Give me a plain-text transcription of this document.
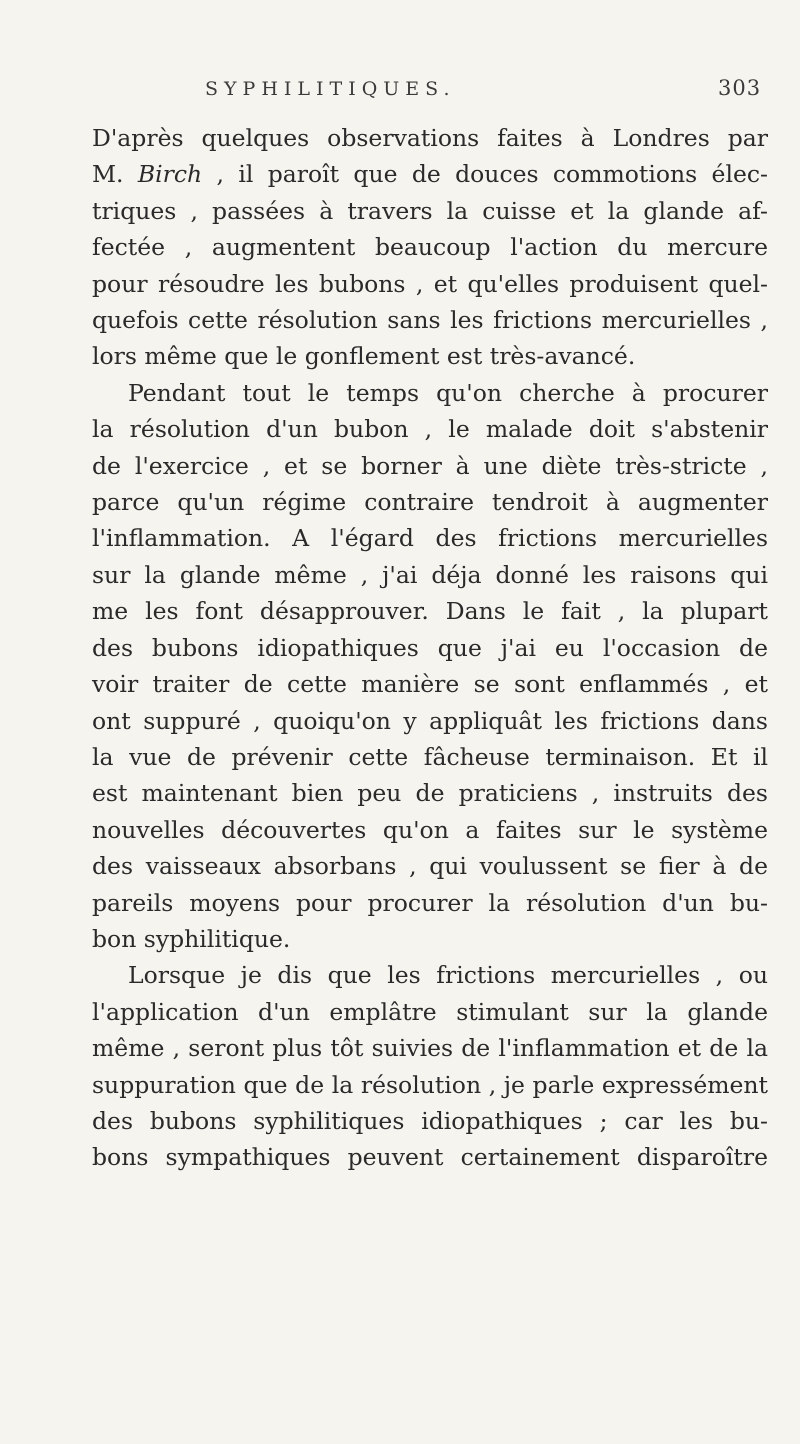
SYPHILITIQUES.	303

D'après quelques observations faites à Londres par
M. Birch , il paroît que de douces commotions élec-
triques , passées à travers la cuisse et la glande af-
fectée , augmentent beaucoup l'action du mercure
pour résoudre les bubons , et qu'elles produisent quel-
quefois cette résolution sans les frictions mercurielles ,
lors même que le gonflement est très-avancé.

Pendant tout le temps qu'on cherche à procurer
la résolution d'un bubon , le malade doit s'abstenir
de l'exercice , et se borner à une diète très-stricte ,
parce qu'un régime contraire tendroit à augmenter
l'inflammation. A l'égard des frictions mercurielles
sur la glande même , j'ai déja donné les raisons qui
me les font désapprouver. Dans le fait , la plupart
des bubons idiopathiques que j'ai eu l'occasion de
voir traiter de cette manière se sont enflammés , et
ont suppuré , quoiqu'on y appliquât les frictions dans
la vue de prévenir cette fâcheuse terminaison. Et il
est maintenant bien peu de praticiens , instruits des
nouvelles découvertes qu'on a faites sur le système
des vaisseaux absorbans , qui voulussent se fier à de
pareils moyens pour procurer la résolution d'un bu-
bon syphilitique.

Lorsque je dis que les frictions mercurielles , ou
l'application d'un emplâtre stimulant sur la glande
même , seront plus tôt suivies de l'inflammation et de la
suppuration que de la résolution , je parle expressément
des bubons syphilitiques idiopathiques ; car les bu-
bons sympathiques peuvent certainement disparoître
